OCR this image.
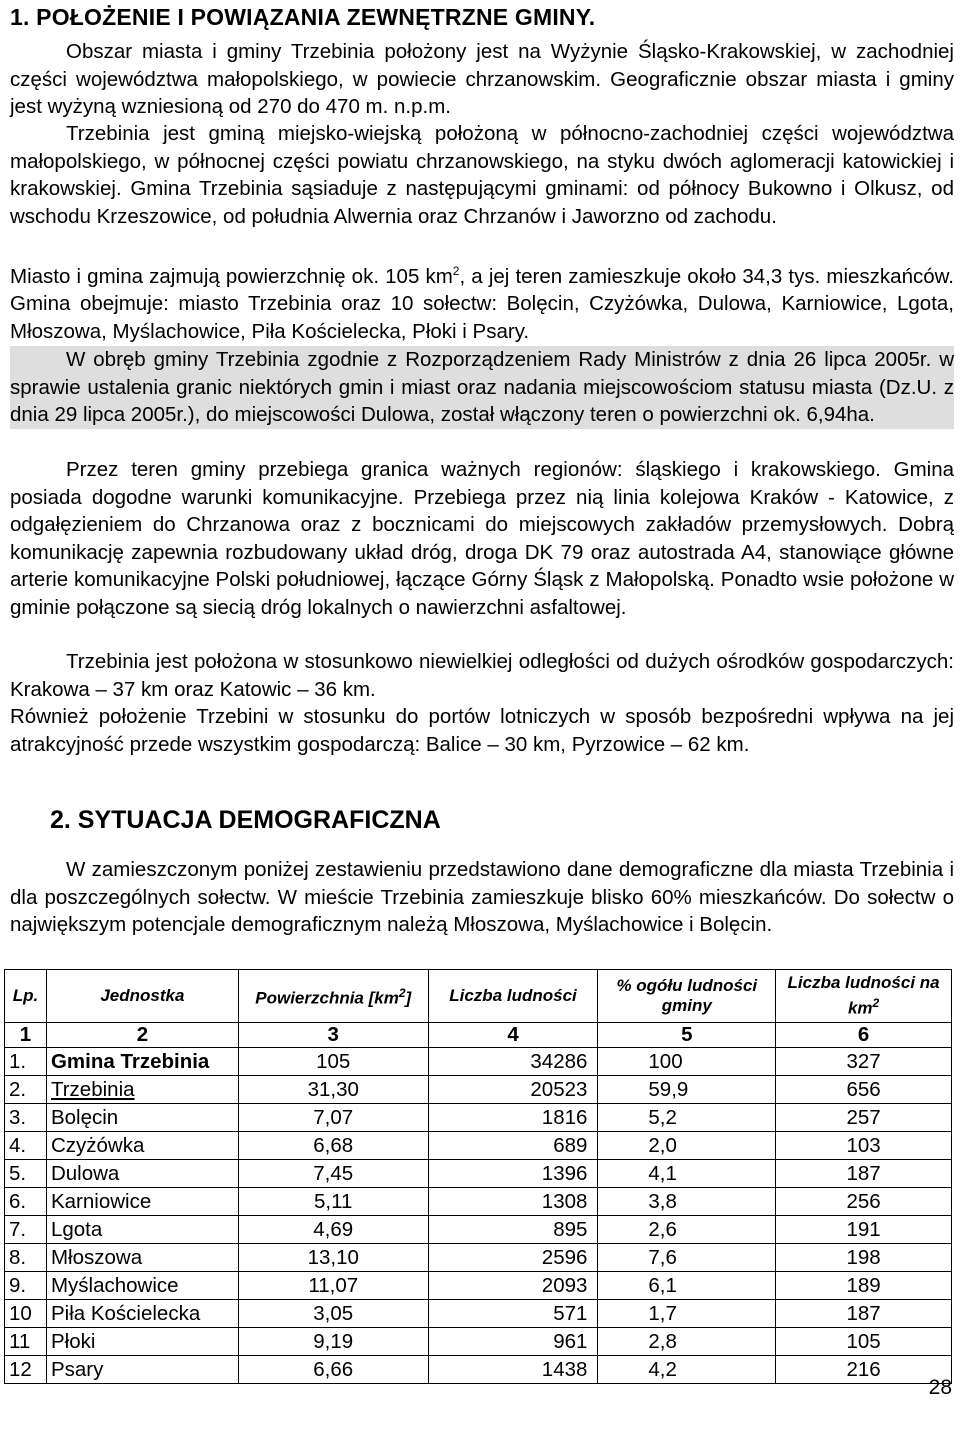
1. POŁOŻENIE I POWIĄZANIA ZEWNĘTRZNE GMINY.
Obszar miasta i gminy Trzebinia położony jest na Wyżynie Śląsko-Krakowskiej, w zachodniej części województwa małopolskiego, w powiecie chrzanowskim. Geograficznie obszar miasta i gminy jest wyżyną wzniesioną od 270 do 470 m. n.p.m.
Trzebinia jest gminą miejsko-wiejską położoną w północno-zachodniej części województwa małopolskiego, w północnej części powiatu chrzanowskiego, na styku dwóch aglomeracji katowickiej i krakowskiej. Gmina Trzebinia sąsiaduje z następującymi gminami: od północy Bukowno i Olkusz, od wschodu Krzeszowice, od południa Alwernia oraz Chrzanów i Jaworzno od zachodu.
Miasto i gmina zajmują powierzchnię ok. 105 $km^2$, a jej teren zamieszkuje około 34,3 tys. mieszkańców. Gmina obejmuje: miasto Trzebinia oraz 10 sołectw: Bolęcin, Czyżówka, Dulowa, Karniowice, Lgota, Młoszowa, Myślachowice, Piła Kościelecka, Płoki i Psary.
W obręb gminy Trzebinia zgodnie z Rozporządzeniem Rady Ministrów z dnia 26 lipca 2005r. w sprawie ustalenia granic niektórych gmin i miast oraz nadania miejscowościom statusu miasta (Dz.U. z dnia 29 lipca 2005r.), do miejscowości Dulowa, został włączony teren o powierzchni ok. 6,94ha.
Przez teren gminy przebiega granica ważnych regionów: śląskiego i krakowskiego. Gmina posiada dogodne warunki komunikacyjne. Przebiega przez nią linia kolejowa Kraków - Katowice, z odgałęzieniem do Chrzanowa oraz z bocznicami do miejscowych zakładów przemysłowych. Dobrą komunikację zapewnia rozbudowany układ dróg, droga DK 79 oraz autostrada A4, stanowiące główne arterie komunikacyjne Polski południowej, łączące Górny Śląsk z Małopolską. Ponadto wsie położone w gminie połączone są siecią dróg lokalnych o nawierzchni asfaltowej.
Trzebinia jest położona w stosunkowo niewielkiej odległości od dużych ośrodków gospodarczych: Krakowa – 37 km oraz Katowic – 36 km.
Również położenie Trzebini w stosunku do portów lotniczych w sposób bezpośredni wpływa na jej atrakcyjność przede wszystkim gospodarczą: Balice – 30 km, Pyrzowice – 62 km.
2. SYTUACJA DEMOGRAFICZNA
W zamieszczonym poniżej zestawieniu przedstawiono dane demograficzne dla miasta Trzebinia i dla poszczególnych sołectw. W mieście Trzebinia zamieszkuje blisko 60% mieszkańców. Do sołectw o największym potencjale demograficznym należą Młoszowa, Myślachowice i Bolęcin.
Lp.	Jednostka	Powierzchnia $[km^2]$	Liczba ludności	% ogółu ludności gminy	Liczba ludności na $km^2$
1	2	3	4	5	6
1.	Gmina Trzebinia	105	34286	100	327
2.	Trzebinia	31,30	20523	59,9	656
3.	Bolęcin	7,07	1816	5,2	257
4.	Czyżówka	6,68	689	2,0	103
5.	Dulowa	7,45	1396	4,1	187
6.	Karniowice	5,11	1308	3,8	256
7.	Lgota	4,69	895	2,6	191
8.	Młoszowa	13,10	2596	7,6	198
9.	Myślachowice	11,07	2093	6,1	189
10	Piła Kościelecka	3,05	571	1,7	187
11	Płoki	9,19	961	2,8	105
12	Psary	6,66	1438	4,2	216
28
